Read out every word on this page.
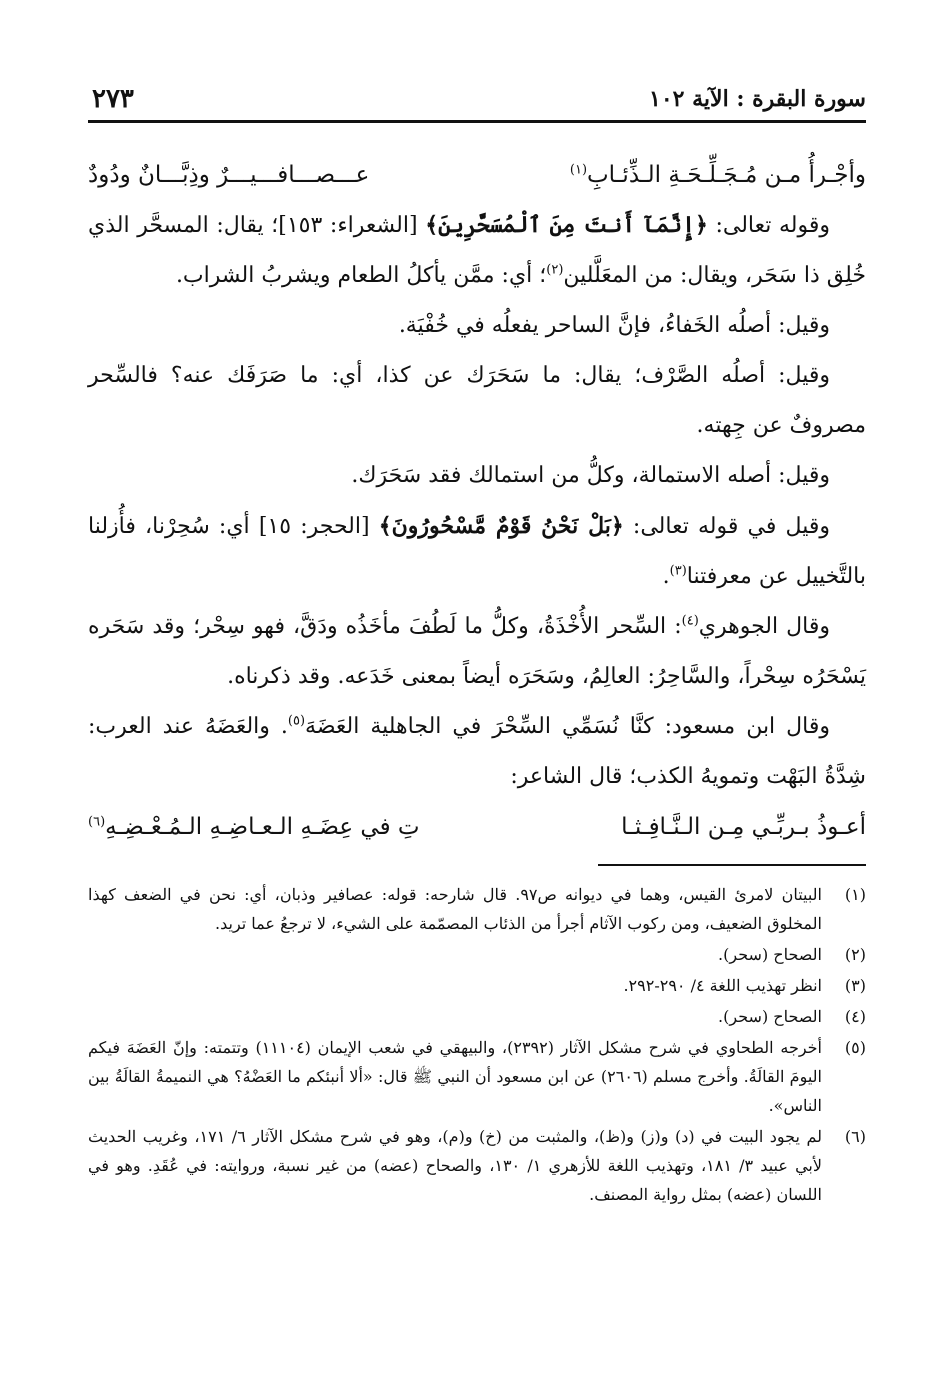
٢٧٣	سورة البقرة : الآية ١٠٢
وأجْـرأُ مـن مُـجَـلِّـحَـةِ الـذِّئـابِ$^{(١)}$
عـــصـــافـــيـــرٌ وذِبَّـــانٌ ودُودٌ

وقوله تعالى: ﴿إِنَّمَآ أَنتَ مِنَ ٱلْمُسَحَّرِينَ﴾ [الشعراء: ١٥٣]؛ يقال: المسحَّر الذي خُلِق ذا سَحَر، ويقال: من المعَلَّلين$^{(٢)}$؛ أي: ممَّن يأكلُ الطعام ويشربُ الشراب.

وقيل: أصلُه الخَفاءُ، فإنَّ الساحر يفعلُه في خُفْيَة.

وقيل: أصلُه الصَّرْف؛ يقال: ما سَحَرَك عن كذا، أي: ما صَرَفَك عنه؟ فالسِّحر مصروفٌ عن جِهته.

وقيل: أصله الاستمالة، وكلُّ من استمالك فقد سَحَرَك.

وقيل في قوله تعالى: ﴿بَلْ نَحْنُ قَوْمٌ مَّسْحُورُونَ﴾ [الحجر: ١٥] أي: سُحِرْنا، فأُزلنا بالتَّخييل عن معرفتنا$^{(٣)}$.

وقال الجوهري$^{(٤)}$: السِّحر الأُخْذَةُ، وكلُّ ما لَطُفَ مأخَذُه ودَقَّ، فهو سِحْر؛ وقد سَحَره يَسْحَرُه سِحْراً، والسَّاحِرُ: العالِمُ، وسَحَرَه أيضاً بمعنى خَدَعه. وقد ذكرناه.

وقال ابن مسعود: كنَّا نُسَمِّي السِّحْرَ في الجاهلية العَضَهَ$^{(٥)}$. والعَضَهُ عند العرب: شِدَّةُ البَهْت وتمويهُ الكذب؛ قال الشاعر:

أعـوذُ بـربِّـي مِـن الـنَّـافِـثـا
تِ في عِضَـهِ الـعـاضِـهِ الـمُـعْـضِـهِ$^{(٦)}$
(١)
البيتان لامرئ القيس، وهما في ديوانه ص٩٧. قال شارحه: قوله: عصافير وذبان، أي: نحن في الضعف كهذا المخلوق الضعيف، ومن ركوب الآثام أجرأ من الذئاب المصمّمة على الشيء، لا ترجعُ عما تريد.
(٢)
الصحاح (سحر).
(٣)
انظر تهذيب اللغة ٤/ ٢٩٠-٢٩٢.
(٤)
الصحاح (سحر).
(٥)
أخرجه الطحاوي في شرح مشكل الآثار (٢٣٩٢)، والبيهقي في شعب الإيمان (١١١٠٤) وتتمته: وإنّ العَضَهَ فيكم اليومَ القالَةُ. وأخرج مسلم (٢٦٠٦) عن ابن مسعود أن النبي ﷺ قال: «ألا أنبئكم ما العَضْهُ؟ هي النميمةُ القالَةُ بين الناس».
(٦)
لم يجود البيت في (د) و(ز) و(ظ)، والمثبت من (خ) و(م)، وهو في شرح مشكل الآثار ٦/ ١٧١، وغريب الحديث لأبي عبيد ٣/ ١٨١، وتهذيب اللغة للأزهري ١/ ١٣٠، والصحاح (عضه) من غير نسبة، وروايته: في عُقَدِ. وهو في اللسان (عضه) بمثل رواية المصنف.
